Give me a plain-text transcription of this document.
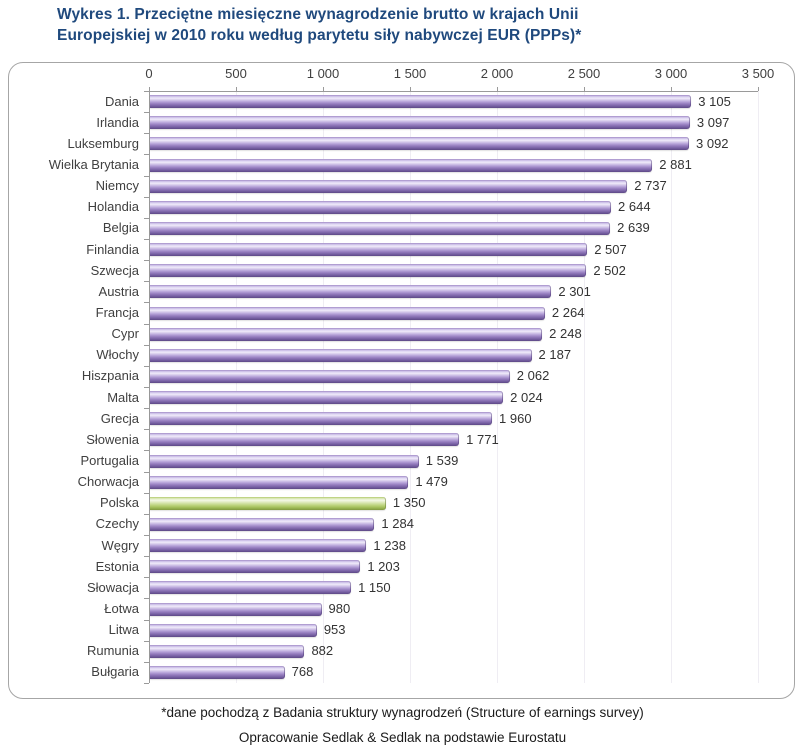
Wykres 1. Przeciętne miesięczne wynagrodzenie brutto w krajach Unii
Europejskiej w 2010 roku według parytetu siły nabywczej EUR (PPPs)*
0	500	1 000	1 500	2 000	2 500	3 000	3 500
Dania	3 105
Irlandia	3 097
Luksemburg	3 092
Wielka Brytania	2 881
Niemcy	2 737
Holandia	2 644
Belgia	2 639
Finlandia	2 507
Szwecja	2 502
Austria	2 301
Francja	2 264
Cypr	2 248
Włochy	2 187
Hiszpania	2 062
Malta	2 024
Grecja	1 960
Słowenia	1 771
Portugalia	1 539
Chorwacja	1 479
Polska	1 350
Czechy	1 284
Węgry	1 238
Estonia	1 203
Słowacja	1 150
Łotwa	980
Litwa	953
Rumunia	882
Bułgaria	768
*dane pochodzą z Badania struktury wynagrodzeń (Structure of earnings survey)
Opracowanie Sedlak & Sedlak na podstawie Eurostatu
